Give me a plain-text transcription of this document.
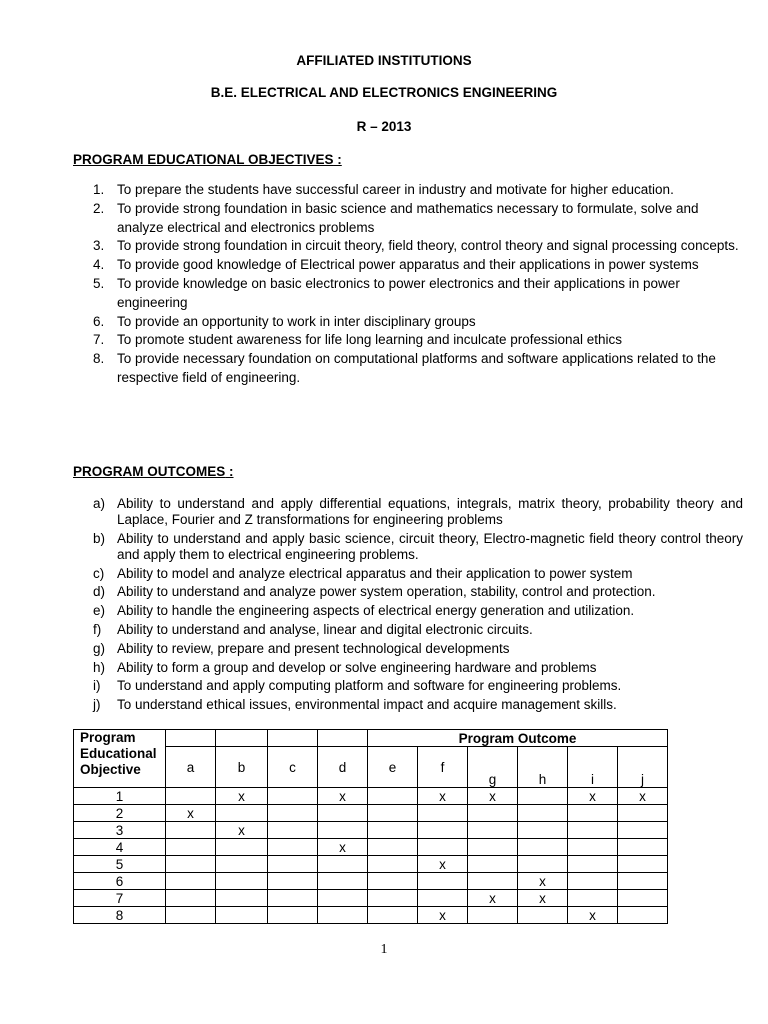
AFFILIATED INSTITUTIONS
B.E. ELECTRICAL AND ELECTRONICS ENGINEERING
R – 2013
PROGRAM EDUCATIONAL OBJECTIVES :
1. To prepare the students have successful career in industry and motivate for higher education.
2. To provide strong foundation in basic science and mathematics necessary to formulate, solve and analyze electrical and electronics problems
3. To provide strong foundation in circuit theory, field theory, control theory and signal processing concepts.
4. To provide good knowledge of Electrical power apparatus and their applications in power systems
5. To provide knowledge on basic electronics to power electronics and their applications in power engineering
6. To provide an opportunity to work in inter disciplinary groups
7. To promote student awareness for life long learning and inculcate professional ethics
8. To provide necessary foundation on computational platforms and software applications related to the respective field of engineering.
PROGRAM OUTCOMES :
a) Ability to understand and apply differential equations, integrals, matrix theory, probability theory and Laplace, Fourier and Z transformations for engineering problems
b) Ability to understand and apply basic science, circuit theory, Electro-magnetic field theory control theory and apply them to electrical engineering problems.
c) Ability to model and analyze electrical apparatus and their application to power system
d) Ability to understand and analyze power system operation, stability, control and protection.
e) Ability to handle the engineering aspects of electrical energy generation and utilization.
f) Ability to understand and analyse, linear and digital electronic circuits.
g) Ability to review, prepare and present technological developments
h) Ability to form a group and develop or solve engineering hardware and problems
i) To understand and apply computing platform and software for engineering problems.
j) To understand ethical issues, environmental impact and acquire management skills.
Program
Educational
Objective					Program Outcome					
	a	b	c	d	e	f	g	h	i	j
1		x		x		x	x		x	x
2	x									
3		x								
4				x						
5						x				
6								x		
7							x	x		
8						x			x	
1
